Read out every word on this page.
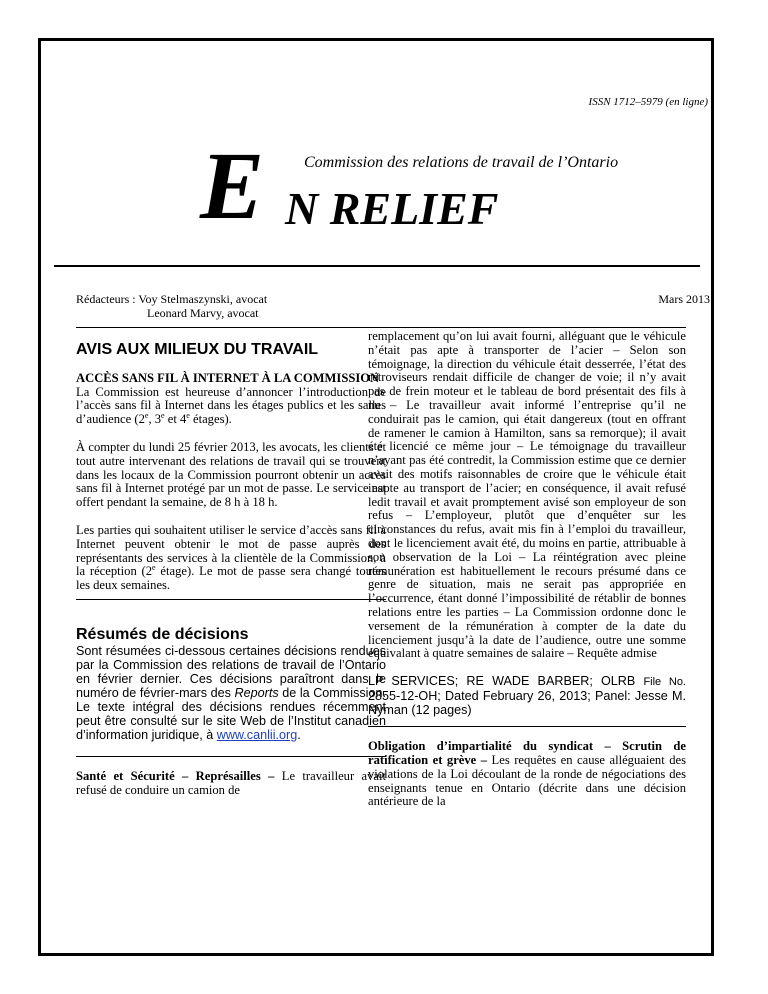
ISSN 1712–5979 (en ligne)
E Commission des relations de travail de l’Ontario
N RELIEF
Rédacteurs : Voy Stelmaszynski, avocat
Leonard Marvy, avocat
Mars 2013
AVIS AUX MILIEUX DU TRAVAIL

ACCÈS SANS FIL À INTERNET À LA COMMISSION

La Commission est heureuse d’annoncer l’introduction de l’accès sans fil à Internet dans les étages publics et les salles d’audience (2e, 3e et 4e étages).

À compter du lundi 25 février 2013, les avocats, les clients et tout autre intervenant des relations de travail qui se trouvent dans les locaux de la Commission pourront obtenir un accès sans fil à Internet protégé par un mot de passe. Le service est offert pendant la semaine, de 8 h à 18 h.

Les parties qui souhaitent utiliser le service d’accès sans fil à Internet peuvent obtenir le mot de passe auprès des représentants des services à la clientèle de la Commission, à la réception (2e étage). Le mot de passe sera changé toutes les deux semaines.

Résumés de décisions

Sont résumées ci-dessous certaines décisions rendues par la Commission des relations de travail de l’Ontario en février dernier. Ces décisions paraîtront dans le numéro de février-mars des Reports de la Commission. Le texte intégral des décisions rendues récemment peut être consulté sur le site Web de l’Institut canadien d’information juridique, à www.canlii.org.

Santé et Sécurité – Représailles – Le travailleur avait refusé de conduire un camion de

remplacement qu’on lui avait fourni, alléguant que le véhicule n’était pas apte à transporter de l’acier – Selon son témoignage, la direction du véhicule était desserrée, l’état des rétroviseurs rendait difficile de changer de voie; il n’y avait pas de frein moteur et le tableau de bord présentait des fils à nu – Le travailleur avait informé l’entreprise qu’il ne conduirait pas le camion, qui était dangereux (tout en offrant de ramener le camion à Hamilton, sans sa remorque); il avait été licencié ce même jour – Le témoignage du travailleur n’ayant pas été contredit, la Commission estime que ce dernier avait des motifs raisonnables de croire que le véhicule était inapte au transport de l’acier; en conséquence, il avait refusé ledit travail et avait promptement avisé son employeur de son refus – L’employeur, plutôt que d’enquêter sur les circonstances du refus, avait mis fin à l’emploi du travailleur, dont le licenciement avait été, du moins en partie, attribuable à son observation de la Loi – La réintégration avec pleine rémunération est habituellement le recours présumé dans ce genre de situation, mais ne serait pas appropriée en l’occurrence, étant donné l’impossibilité de rétablir de bonnes relations entre les parties – La Commission ordonne donc le versement de la rémunération à compter de la date du licenciement jusqu’à la date de l’audience, outre une somme équivalant à quatre semaines de salaire – Requête admise

LP SERVICES; RE WADE BARBER; OLRB File No. 2855-12-OH; Dated February 26, 2013; Panel: Jesse M. Nyman (12 pages)

Obligation d’impartialité du syndicat – Scrutin de ratification et grève – Les requêtes en cause alléguaient des violations de la Loi découlant de la ronde de négociations des enseignants tenue en Ontario (décrite dans une décision antérieure de la
